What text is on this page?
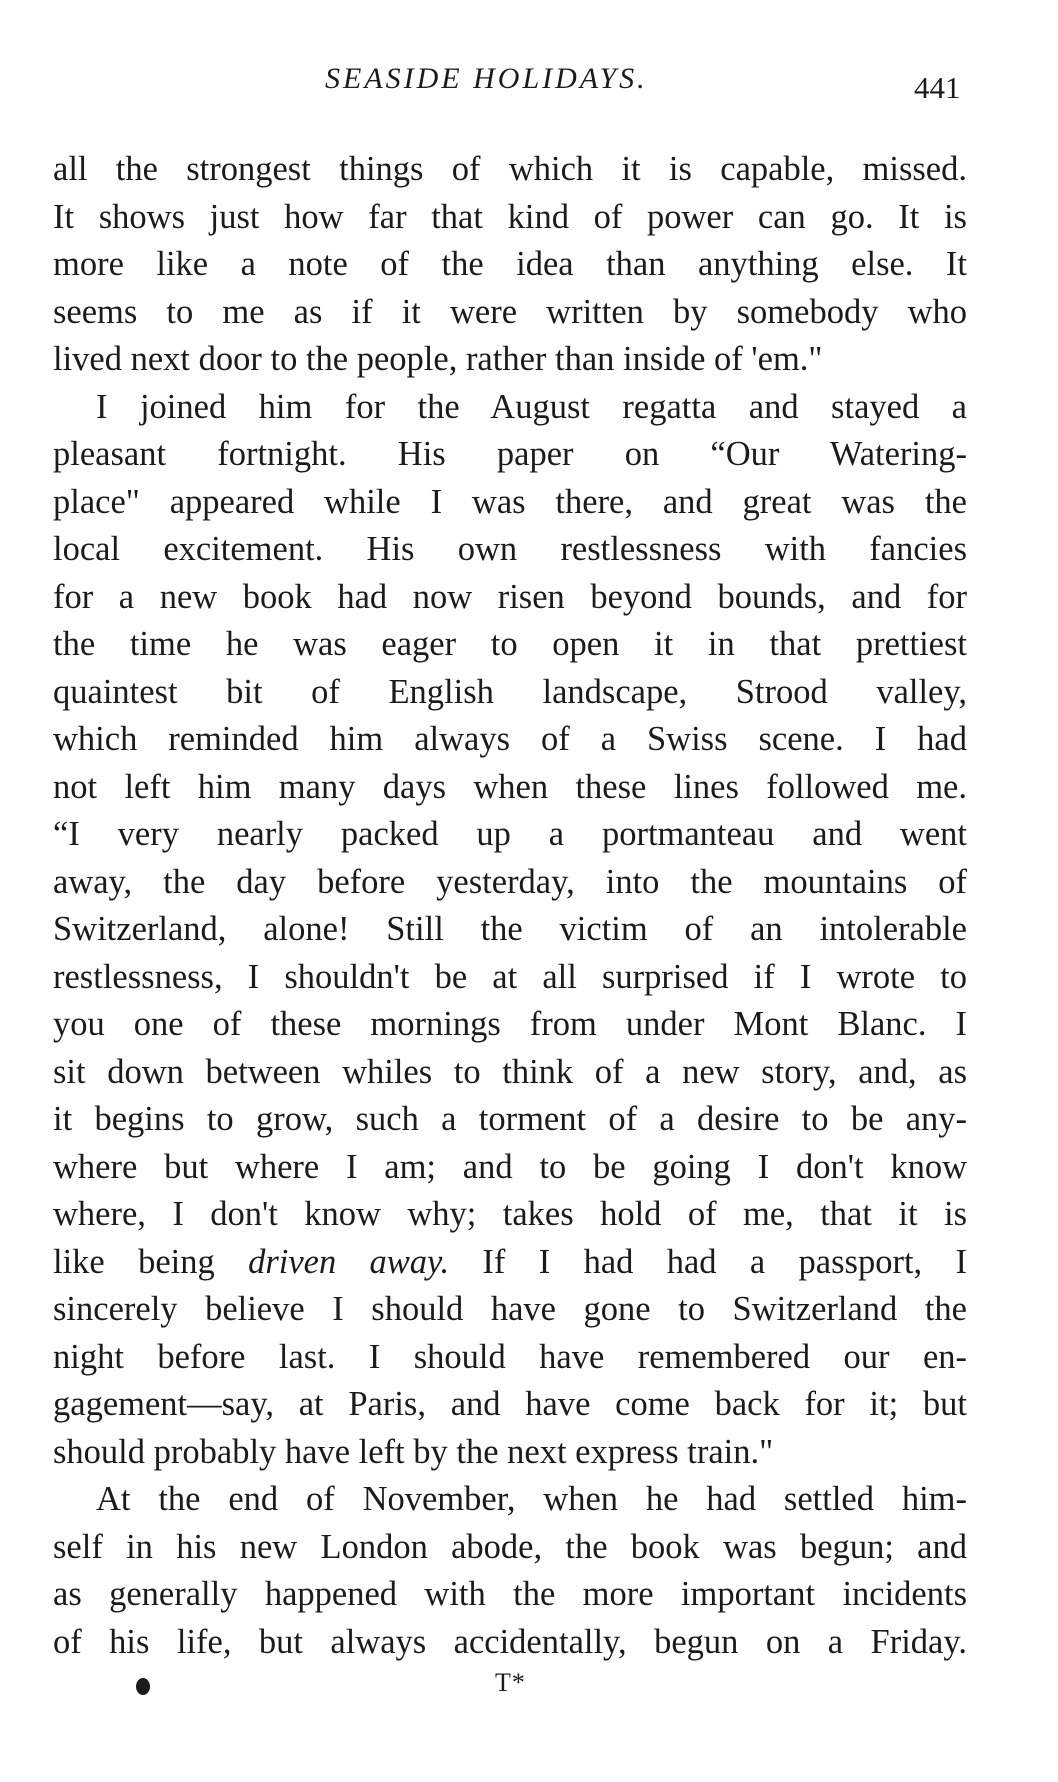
SEASIDE HOLIDAYS.	441
all the strongest things of which it is capable, missed.
It shows just how far that kind of power can go. It is
more like a note of the idea than anything else. It
seems to me as if it were written by somebody who
lived next door to the people, rather than inside of 'em."
I joined him for the August regatta and stayed a
pleasant fortnight. His paper on “Our Watering-
place" appeared while I was there, and great was the
local excitement. His own restlessness with fancies
for a new book had now risen beyond bounds, and for
the time he was eager to open it in that prettiest
quaintest bit of English landscape, Strood valley,
which reminded him always of a Swiss scene. I had
not left him many days when these lines followed me.
“I very nearly packed up a portmanteau and went
away, the day before yesterday, into the mountains of
Switzerland, alone! Still the victim of an intolerable
restlessness, I shouldn't be at all surprised if I wrote to
you one of these mornings from under Mont Blanc. I
sit down between whiles to think of a new story, and, as
it begins to grow, such a torment of a desire to be any-
where but where I am; and to be going I don't know
where, I don't know why; takes hold of me, that it is
like being driven away. If I had had a passport, I
sincerely believe I should have gone to Switzerland the
night before last. I should have remembered our en-
gagement—say, at Paris, and have come back for it; but
should probably have left by the next express train."
At the end of November, when he had settled him-
self in his new London abode, the book was begun; and
as generally happened with the more important incidents
of his life, but always accidentally, begun on a Friday.
T*
